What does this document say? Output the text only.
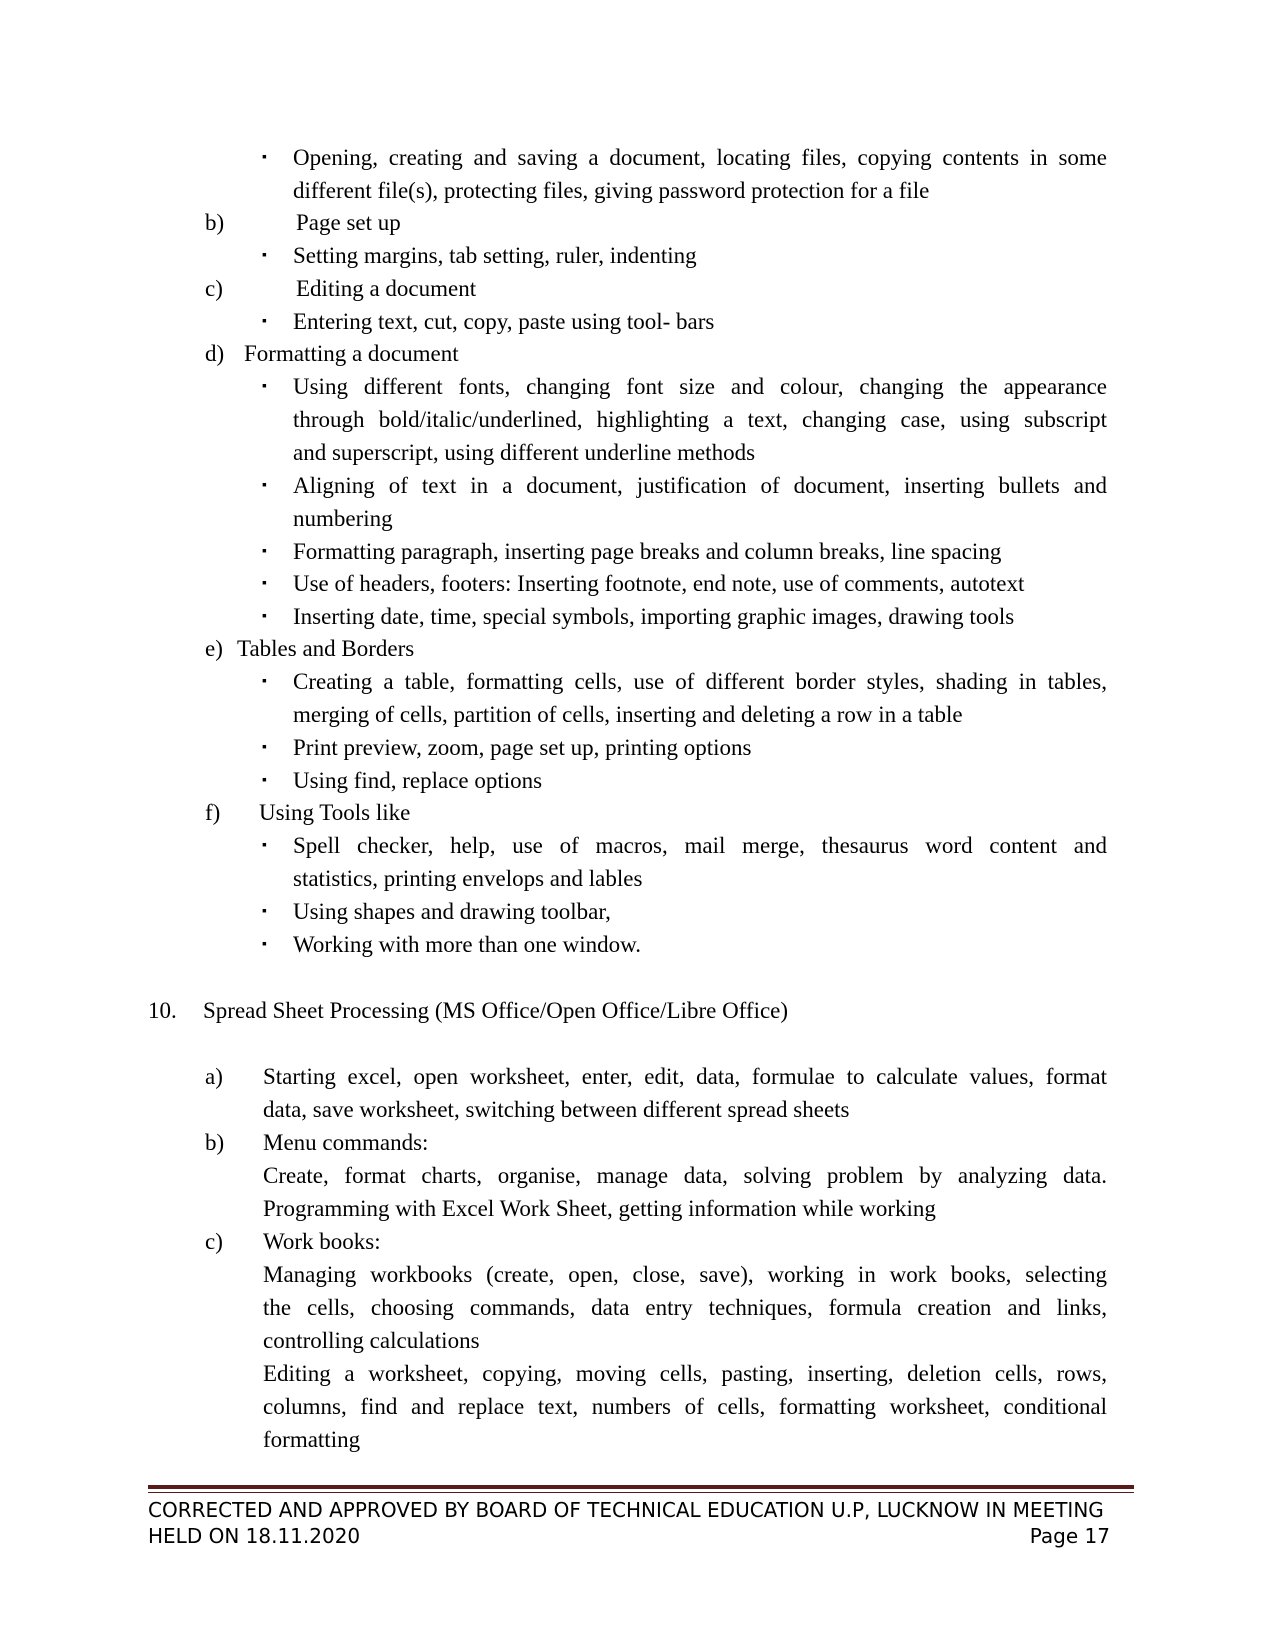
▪ Opening, creating and saving a document, locating files, copying contents in some
different file(s), protecting files, giving password protection for a file
b)	Page set up
▪ Setting margins, tab setting, ruler, indenting
c)	Editing a document
▪ Entering text, cut, copy, paste using tool- bars
d) Formatting a document
▪ Using different fonts, changing font size and colour, changing the appearance
through bold/italic/underlined, highlighting a text, changing case, using subscript
and superscript, using different underline methods
▪ Aligning of text in a document, justification of document, inserting bullets and
numbering
▪ Formatting paragraph, inserting page breaks and column breaks, line spacing
▪ Use of headers, footers: Inserting footnote, end note, use of comments, autotext
▪ Inserting date, time, special symbols, importing graphic images, drawing tools
e) Tables and Borders
▪ Creating a table, formatting cells, use of different border styles, shading in tables,
merging of cells, partition of cells, inserting and deleting a row in a table
▪ Print preview, zoom, page set up, printing options
▪ Using find, replace options
f) Using Tools like
▪ Spell checker, help, use of macros, mail merge, thesaurus word content and
statistics, printing envelops and lables
▪ Using shapes and drawing toolbar,
▪ Working with more than one window.
10. Spread Sheet Processing (MS Office/Open Office/Libre Office)
a) Starting excel, open worksheet, enter, edit, data, formulae to calculate values, format
data, save worksheet, switching between different spread sheets
b) Menu commands:
Create, format charts, organise, manage data, solving problem by analyzing data.
Programming with Excel Work Sheet, getting information while working
c) Work books:
Managing workbooks (create, open, close, save), working in work books, selecting
the cells, choosing commands, data entry techniques, formula creation and links,
controlling calculations
Editing a worksheet, copying, moving cells, pasting, inserting, deletion cells, rows,
columns, find and replace text, numbers of cells, formatting worksheet, conditional
formatting
CORRECTED AND APPROVED BY BOARD OF TECHNICAL EDUCATION U.P, LUCKNOW IN MEETING
HELD ON 18.11.2020	Page 17
